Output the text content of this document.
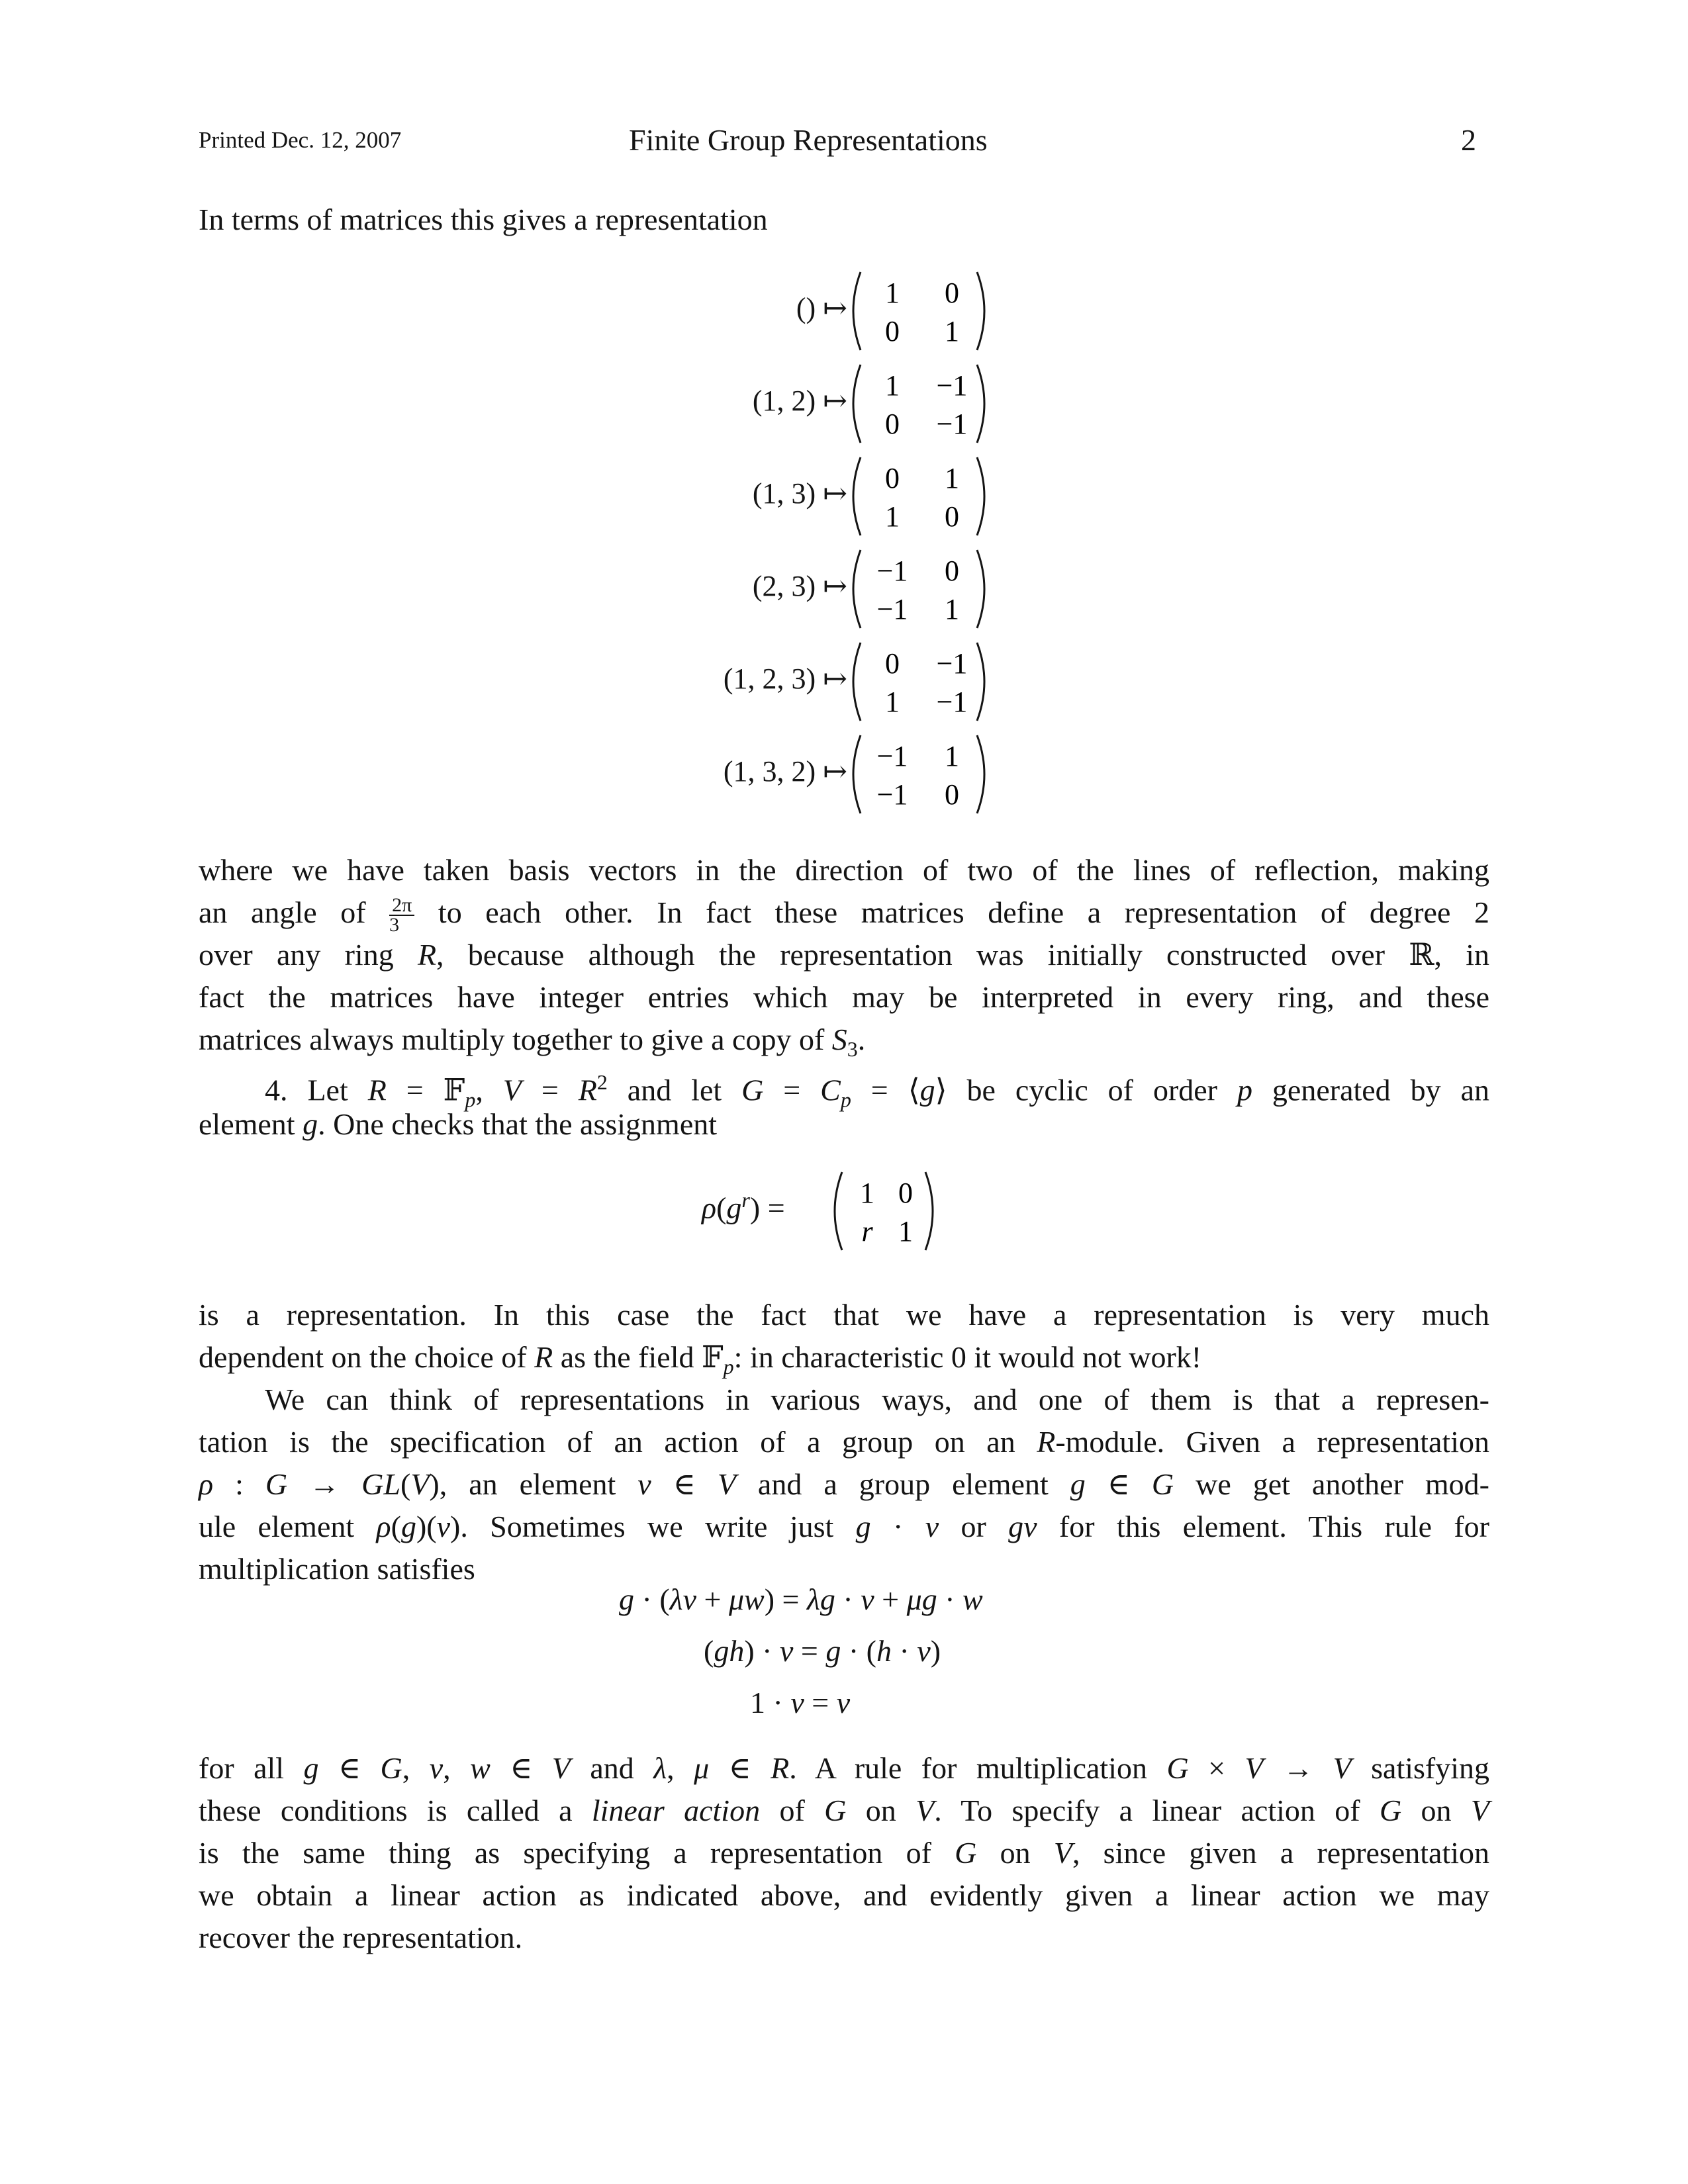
Printed Dec. 12, 2007	Finite Group Representations	2
In terms of matrices this gives a representation
() ↦ 1 0
0 1
(1, 2) ↦ 1 −1
0 −1
(1, 3) ↦ 0 1
1 0
(2, 3) ↦ −1 0
−1 1
(1, 2, 3) ↦ 0 −1
1 −1
(1, 3, 2) ↦ −1 1
−1 0
where we have taken basis vectors in the direction of two of the lines of reflection, making
an angle of $\frac{2\pi}{3}$ to each other. In fact these matrices define a representation of degree 2
over any ring R, because although the representation was initially constructed over ℝ, in
fact the matrices have integer entries which may be interpreted in every ring, and these
matrices always multiply together to give a copy of $S_3$.
4. Let R = 𝔽$_p$, $V = R^2$ and let $G = C_p$ = ⟨g⟩ be cyclic of order p generated by an
element g. One checks that the assignment
$\rho(g^r)$ =	1 0
r 1
is a representation. In this case the fact that we have a representation is very much
dependent on the choice of R as the field 𝔽$_p$: in characteristic 0 it would not work!
We can think of representations in various ways, and one of them is that a represen-
tation is the specification of an action of a group on an R-module. Given a representation
ρ : G → GL(V), an element v ∈ V and a group element g ∈ G we get another mod-
ule element ρ(g)(v). Sometimes we write just g · v or gv for this element. This rule for
multiplication satisfies
g · (λv + μw) = λg · v + μg · w
(gh) · v = g · (h · v)
1 · v = v
for all g ∈ G, v, w ∈ V and λ, μ ∈ R. A rule for multiplication G × V → V satisfying
these conditions is called a linear action of G on V. To specify a linear action of G on V
is the same thing as specifying a representation of G on V, since given a representation
we obtain a linear action as indicated above, and evidently given a linear action we may
recover the representation.
